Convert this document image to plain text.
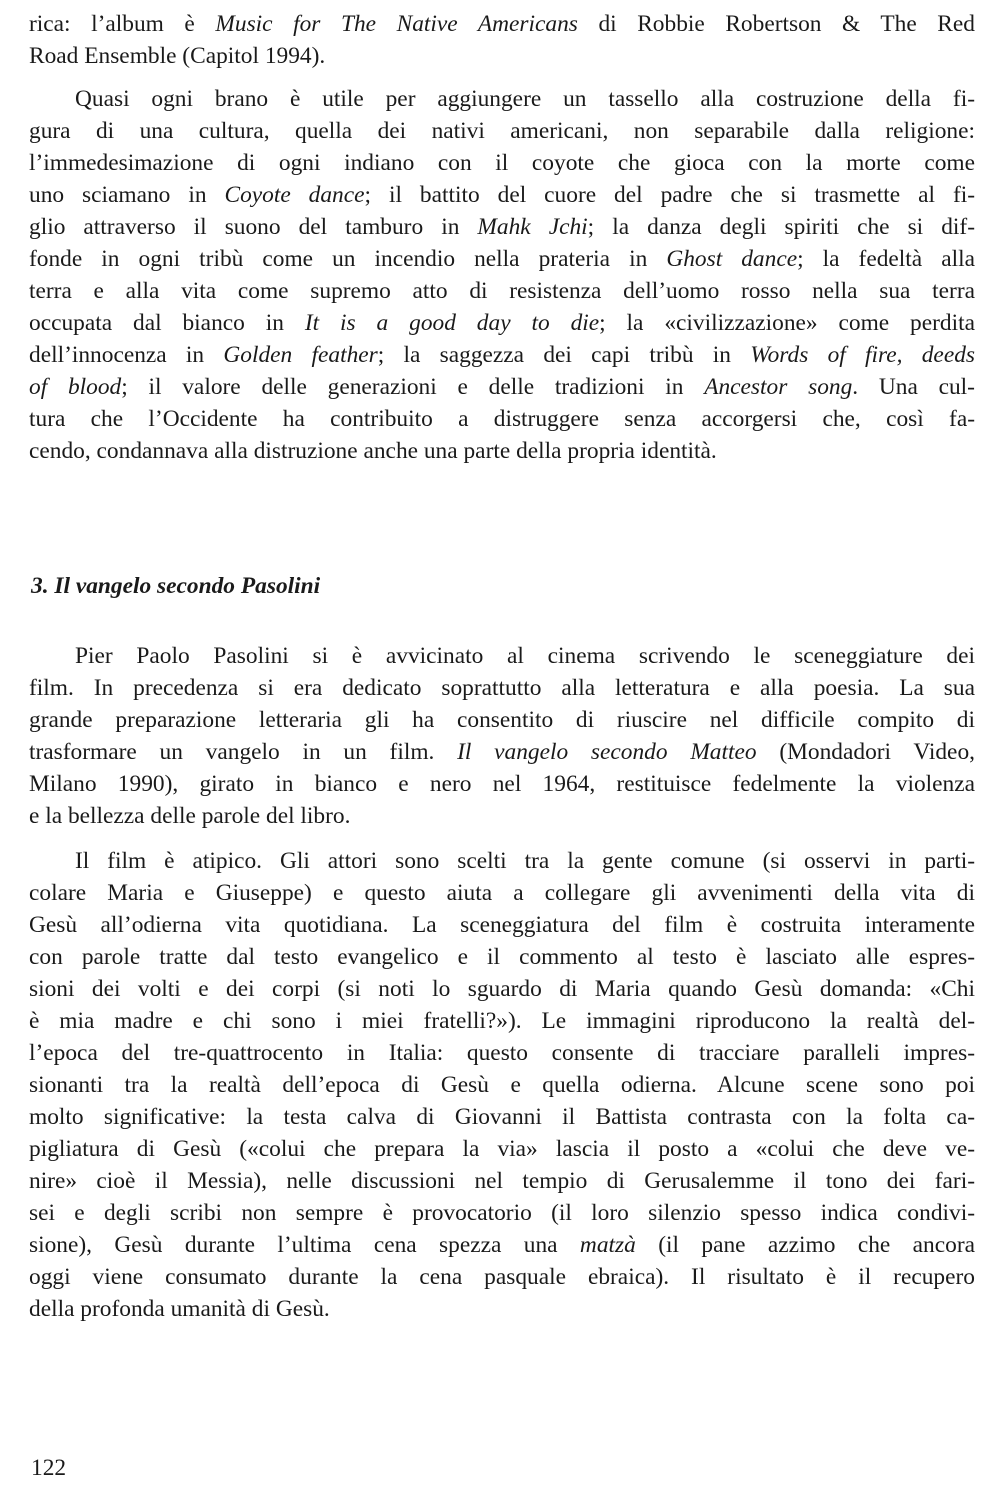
rica: l’album è Music for The Native Americans di Robbie Robertson & The Red
Road Ensemble (Capitol 1994).
Quasi ogni brano è utile per aggiungere un tassello alla costruzione della fi-
gura di una cultura, quella dei nativi americani, non separabile dalla religione:
l’immedesimazione di ogni indiano con il coyote che gioca con la morte come
uno sciamano in Coyote dance; il battito del cuore del padre che si trasmette al fi-
glio attraverso il suono del tamburo in Mahk Jchi; la danza degli spiriti che si dif-
fonde in ogni tribù come un incendio nella prateria in Ghost dance; la fedeltà alla
terra e alla vita come supremo atto di resistenza dell’uomo rosso nella sua terra
occupata dal bianco in It is a good day to die; la «civilizzazione» come perdita
dell’innocenza in Golden feather; la saggezza dei capi tribù in Words of fire, deeds
of blood; il valore delle generazioni e delle tradizioni in Ancestor song. Una cul-
tura che l’Occidente ha contribuito a distruggere senza accorgersi che, così fa-
cendo, condannava alla distruzione anche una parte della propria identità.
3. Il vangelo secondo Pasolini
Pier Paolo Pasolini si è avvicinato al cinema scrivendo le sceneggiature dei
film. In precedenza si era dedicato soprattutto alla letteratura e alla poesia. La sua
grande preparazione letteraria gli ha consentito di riuscire nel difficile compito di
trasformare un vangelo in un film. Il vangelo secondo Matteo (Mondadori Video,
Milano 1990), girato in bianco e nero nel 1964, restituisce fedelmente la violenza
e la bellezza delle parole del libro.
Il film è atipico. Gli attori sono scelti tra la gente comune (si osservi in parti-
colare Maria e Giuseppe) e questo aiuta a collegare gli avvenimenti della vita di
Gesù all’odierna vita quotidiana. La sceneggiatura del film è costruita interamente
con parole tratte dal testo evangelico e il commento al testo è lasciato alle espres-
sioni dei volti e dei corpi (si noti lo sguardo di Maria quando Gesù domanda: «Chi
è mia madre e chi sono i miei fratelli?»). Le immagini riproducono la realtà del-
l’epoca del tre-quattrocento in Italia: questo consente di tracciare paralleli impres-
sionanti tra la realtà dell’epoca di Gesù e quella odierna. Alcune scene sono poi
molto significative: la testa calva di Giovanni il Battista contrasta con la folta ca-
pigliatura di Gesù («colui che prepara la via» lascia il posto a «colui che deve ve-
nire» cioè il Messia), nelle discussioni nel tempio di Gerusalemme il tono dei fari-
sei e degli scribi non sempre è provocatorio (il loro silenzio spesso indica condivi-
sione), Gesù durante l’ultima cena spezza una matzà (il pane azzimo che ancora
oggi viene consumato durante la cena pasquale ebraica). Il risultato è il recupero
della profonda umanità di Gesù.
122
